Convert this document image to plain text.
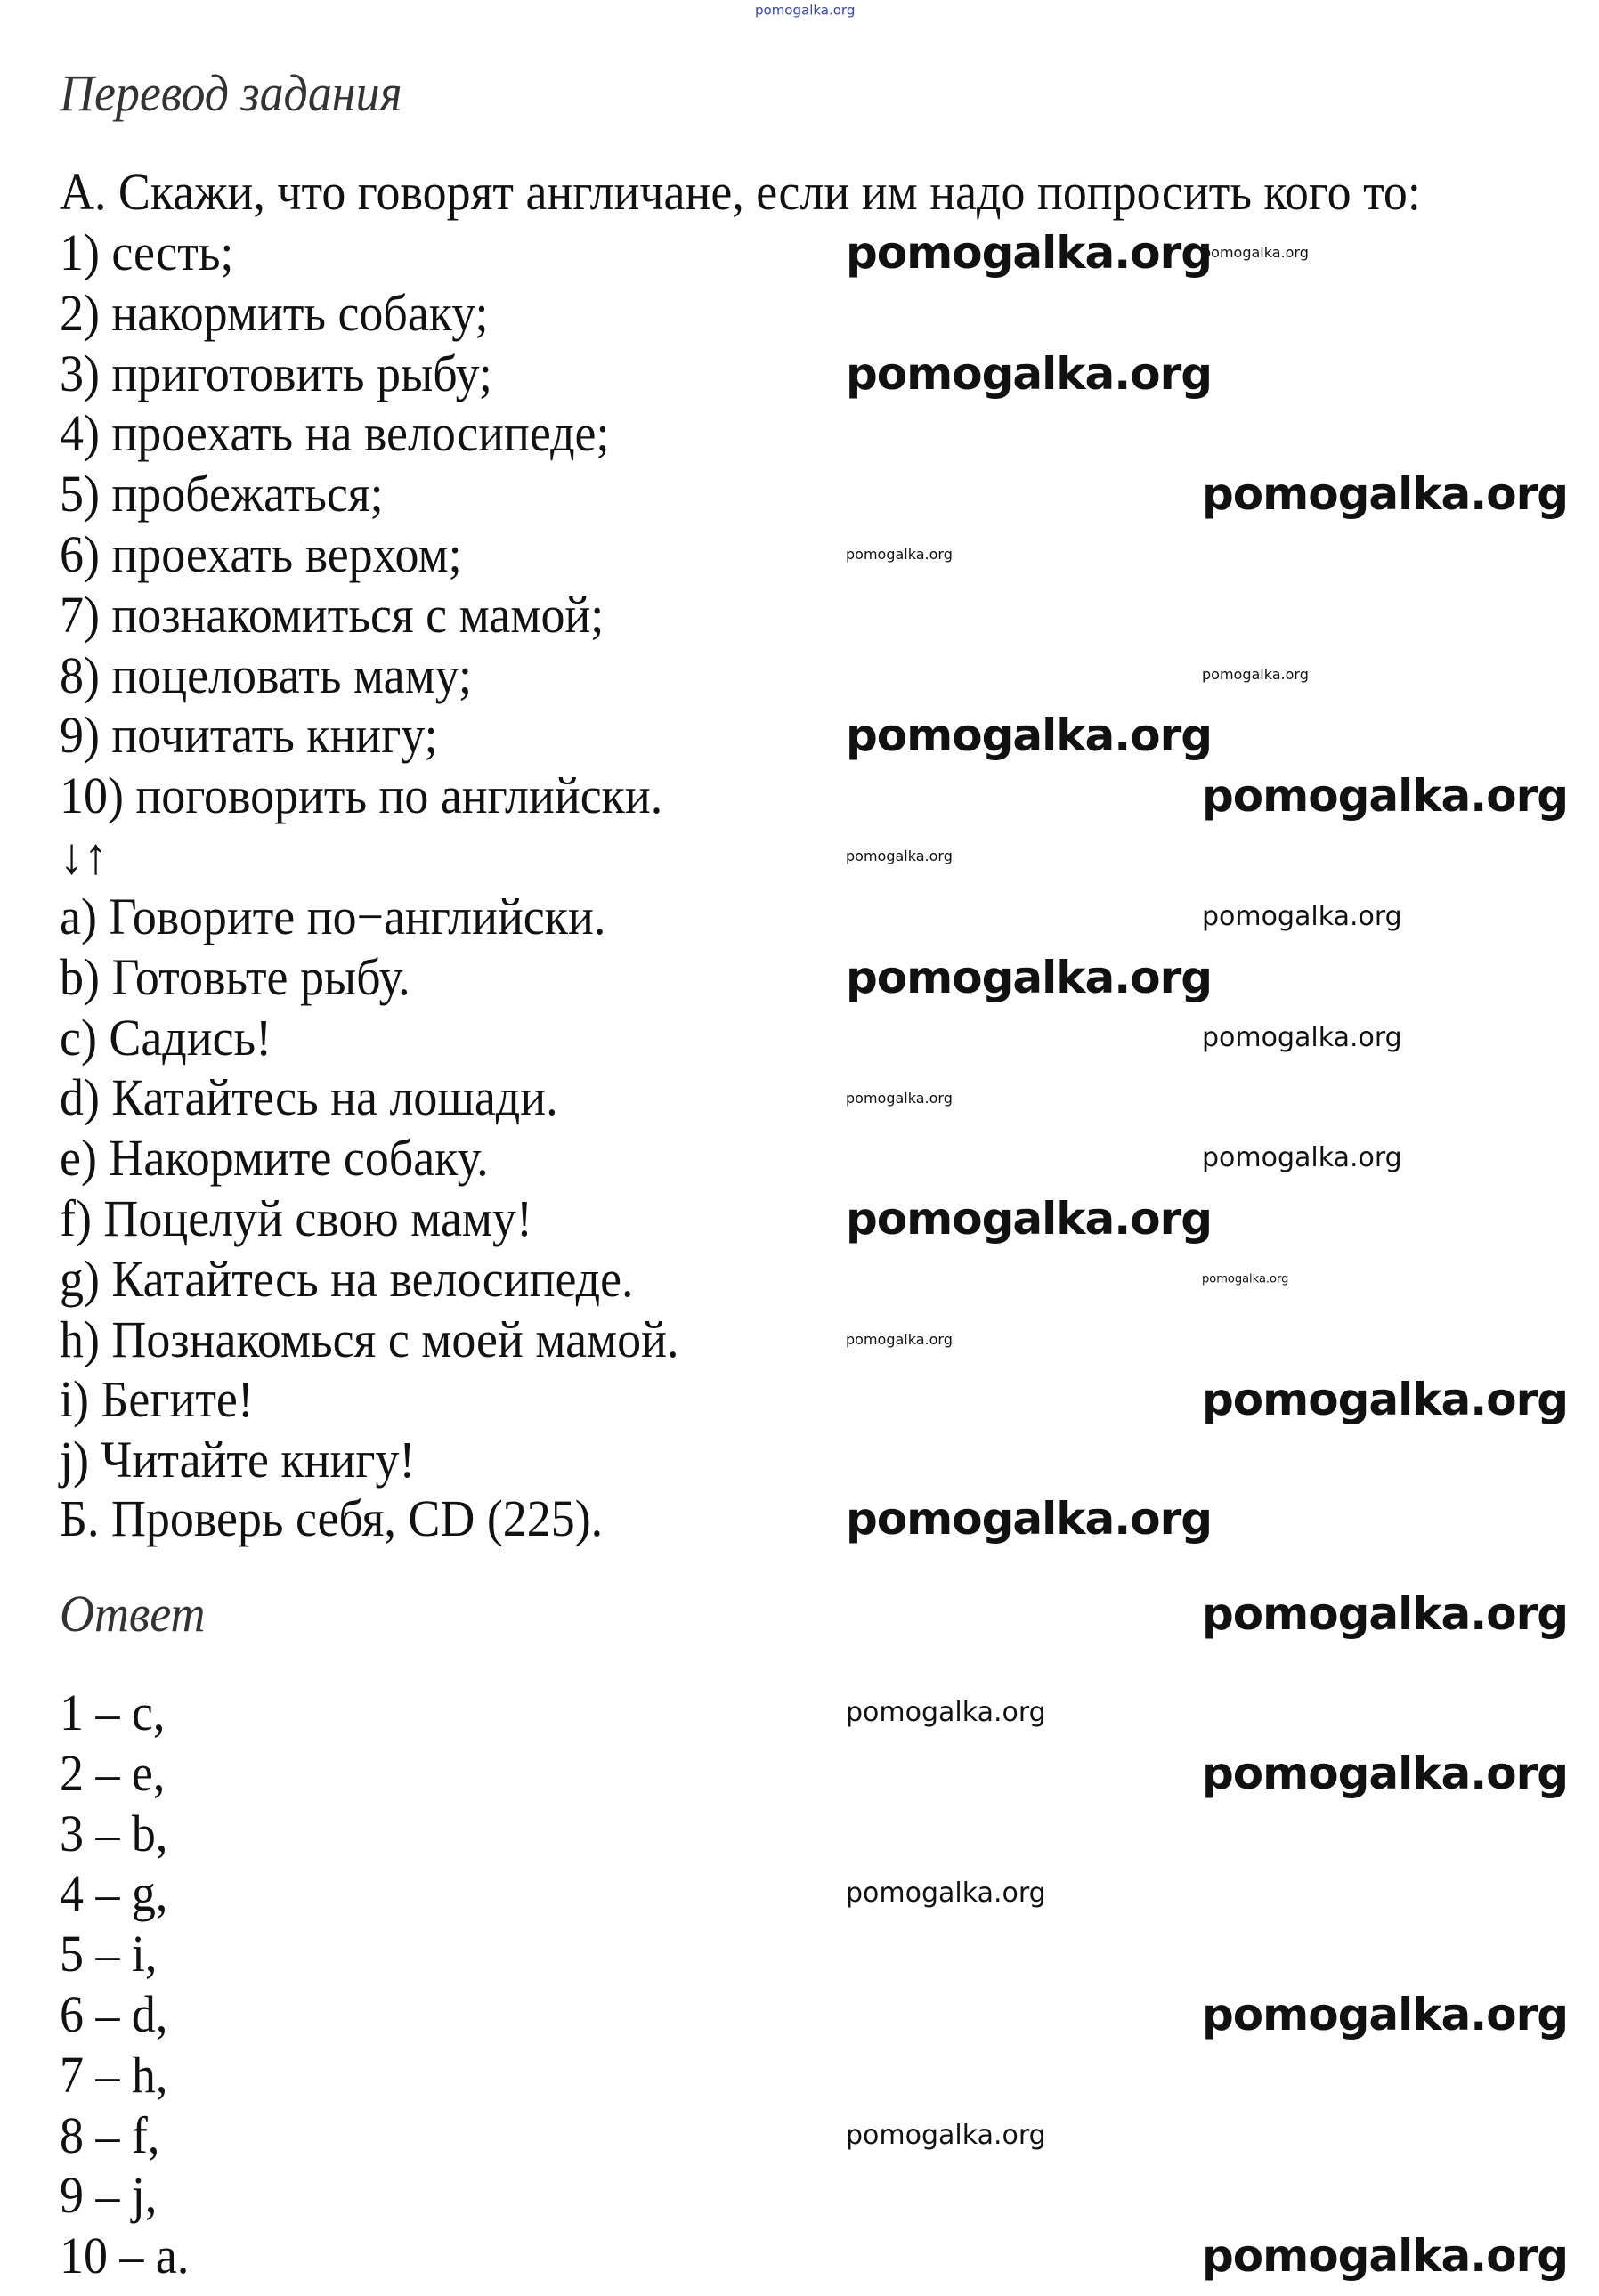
Перевод задания
А. Скажи, что говорят англичане, если им надо попросить кого то:
1) сесть;
2) накормить собаку;
3) приготовить рыбу;
4) проехать на велосипеде;
5) пробежаться;
6) проехать верхом;
7) познакомиться с мамой;
8) поцеловать маму;
9) почитать книгу;
10) поговорить по английски.
↓↑
a) Говорите по−английски.
b) Готовьте рыбу.
c) Садись!
d) Катайтесь на лошади.
e) Накормите собаку.
f) Поцелуй свою маму!
g) Катайтесь на велосипеде.
h) Познакомься с моей мамой.
i) Бегите!
j) Читайте книгу!
Б. Проверь себя, CD (225).
Ответ
1 – c,
2 – e,
3 – b,
4 – g,
5 – i,
6 – d,
7 – h,
8 – f,
9 – j,
10 – a.
pomogalka.org
pomogalka.org
pomogalka.org
pomogalka.org
pomogalka.org
pomogalka.org
pomogalka.org
pomogalka.org
pomogalka.org
pomogalka.org
pomogalka.org
pomogalka.org
pomogalka.org
pomogalka.org
pomogalka.org
pomogalka.org
pomogalka.org
pomogalka.org
pomogalka.org
pomogalka.org
pomogalka.org
pomogalka.org
pomogalka.org
pomogalka.org
pomogalka.org
pomogalka.org
pomogalka.org
